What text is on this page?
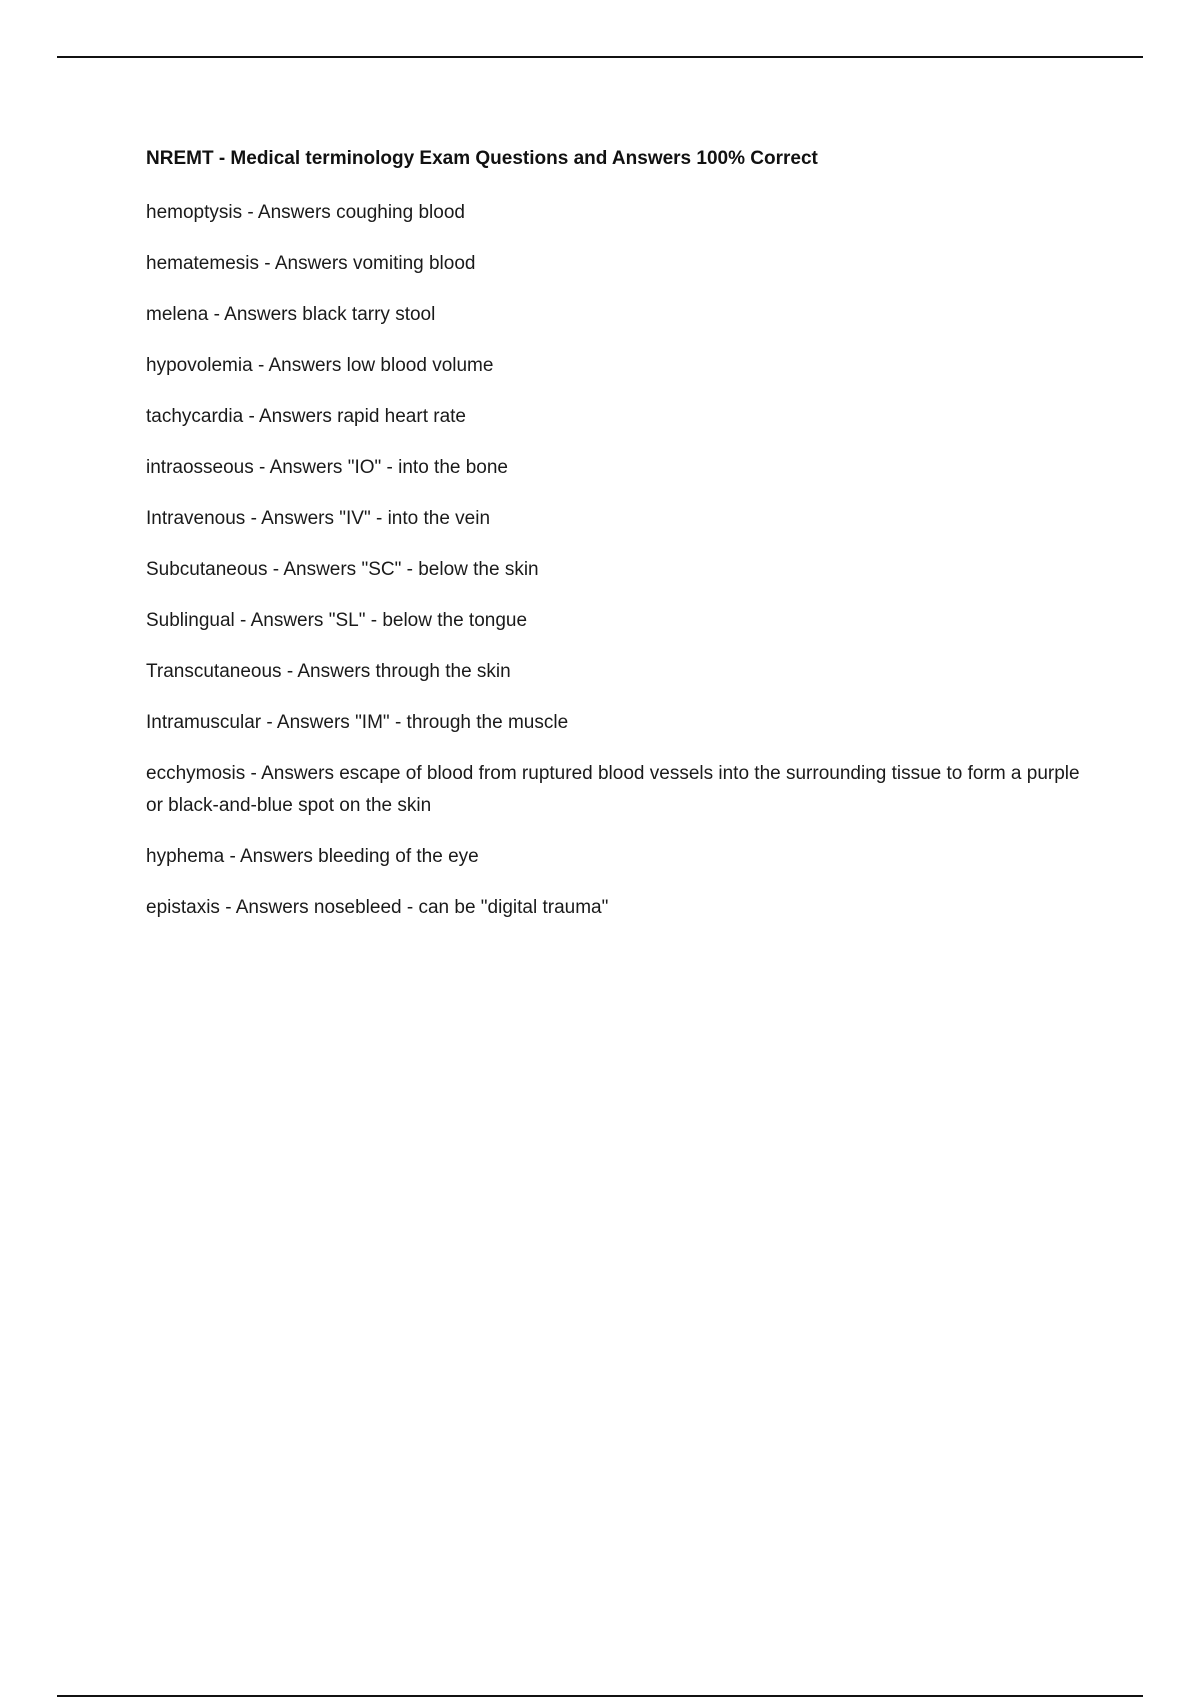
NREMT - Medical terminology Exam Questions and Answers 100% Correct
hemoptysis - Answers coughing blood
hematemesis - Answers vomiting blood
melena - Answers black tarry stool
hypovolemia - Answers low blood volume
tachycardia - Answers rapid heart rate
intraosseous - Answers "IO" - into the bone
Intravenous - Answers "IV" - into the vein
Subcutaneous - Answers "SC" - below the skin
Sublingual - Answers "SL" - below the tongue
Transcutaneous - Answers through the skin
Intramuscular - Answers "IM" - through the muscle
ecchymosis - Answers escape of blood from ruptured blood vessels into the surrounding tissue to form a purple or black-and-blue spot on the skin
hyphema - Answers bleeding of the eye
epistaxis - Answers nosebleed - can be "digital trauma"
